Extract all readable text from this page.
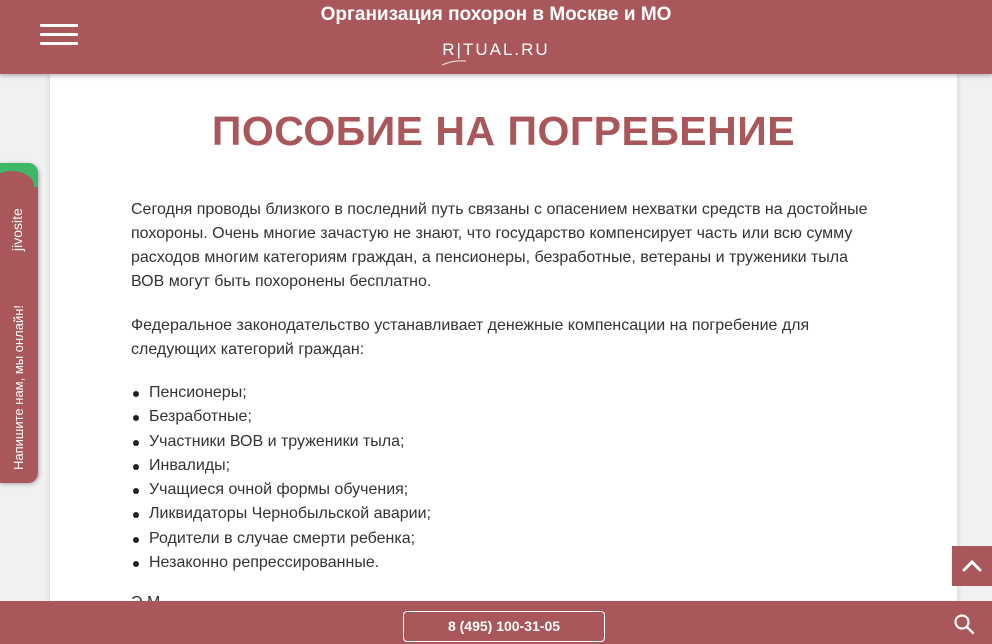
Организация похорон в Москве и МО
R|TUAL.RU
ПОСОБИЕ НА ПОГРЕБЕНИЕ

Сегодня проводы близкого в последний путь связаны с опасением нехватки средств на достойные похороны. Очень многие зачастую не знают, что государство компенсирует часть или всю сумму расходов многим категориям граждан, а пенсионеры, безработные, ветераны и труженики тыла ВОВ могут быть похоронены бесплатно.

Федеральное законодательство устанавливает денежные компенсации на погребение для следующих категорий граждан:

Пенсионеры;
Безработные;
Участники ВОВ и труженики тыла;
Инвалиды;
Учащиеся очной формы обучения;
Ликвидаторы Чернобыльской аварии;
Родители в случае смерти ребенка;
Незаконно репрессированные.
jivosite
Напишите нам, мы онлайн!
8 (495) 100-31-05
